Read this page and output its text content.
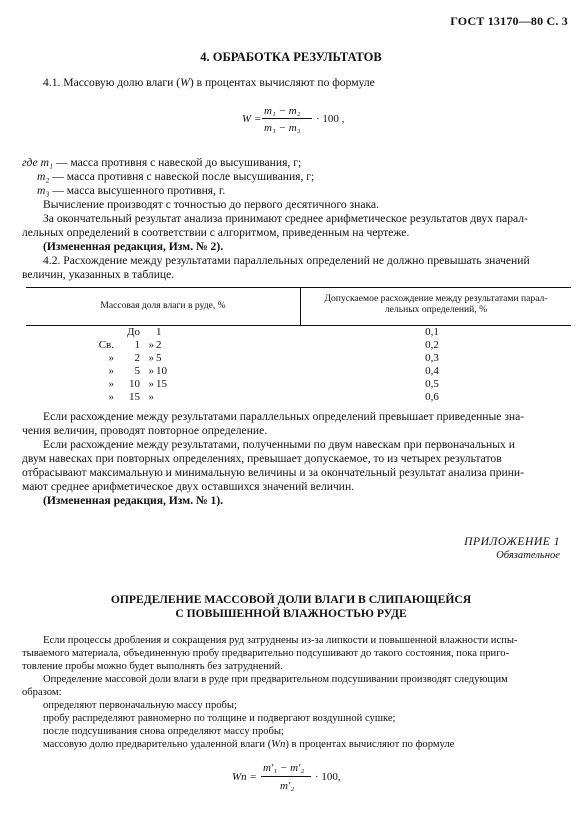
ГОСТ 13170—80 С. 3
4. ОБРАБОТКА РЕЗУЛЬТАТОВ
4.1. Массовую долю влаги (W) в процентах вычисляют по формуле
W =
m₁ − m₂
m₁ − m₃
· 100 ,
где m₁ — масса противня с навеской до высушивания, г;
m₂ — масса противня с навеской после высушивания, г;
m₃ — масса высушенного противня, г.
Вычисление производят с точностью до первого десятичного знака.
За окончательный результат анализа принимают среднее арифметическое результатов двух парал-
лельных определений в соответствии с алгоритмом, приведенным на чертеже.
(Измененная редакция, Изм. № 2).
4.2. Расхождение между результатами параллельных определений не должно превышать значений
величин, указанных в таблице.
Массовая доля влаги в руде, %
Допускаемое расхождение между результатами парал-
лельных определений, %
До 1	0,1
Св.	1 » 2	0,2
»	2 » 5	0,3
»	5 » 10	0,4
»	10 » 15	0,5
»	15 »	0,6
Если расхождение между результатами параллельных определений превышает приведенные зна-
чения величин, проводят повторное определение.
Если расхождение между результатами, полученными по двум навескам при первоначальных и
двум навесках при повторных определениях, превышает допускаемое, то из четырех результатов
отбрасывают максимальную и минимальную величины и за окончательный результат анализа прини-
мают среднее арифметическое двух оставшихся значений величин.
(Измененная редакция, Изм. № 1).
ПРИЛОЖЕНИЕ 1
Обязательное
ОПРЕДЕЛЕНИЕ МАССОВОЙ ДОЛИ ВЛАГИ В СЛИПАЮЩЕЙСЯ
С ПОВЫШЕННОЙ ВЛАЖНОСТЬЮ РУДЕ
Если процессы дробления и сокращения руд затруднены из-за липкости и повышенной влажности испы-
тываемого материала, объединенную пробу предварительно подсушивают до такого состояния, пока приго-
товление пробы можно будет выполнять без затруднений.
Определение массовой доли влаги в руде при предварительном подсушивании производят следующим
образом:
определяют первоначальную массу пробы;
пробу распределяют равномерно по толщине и подвергают воздушной сушке;
после подсушивания снова определяют массу пробы;
массовую долю предварительно удаленной влаги (Wп) в процентах вычисляют по формуле
Wп =
m′₁ − m′₂
m′₂
· 100,
